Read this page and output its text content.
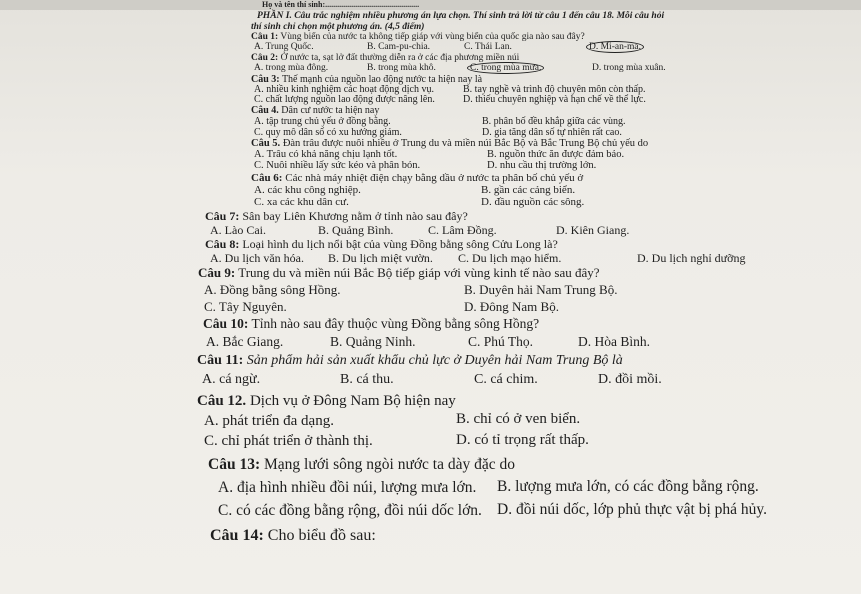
Họ và tên thí sinh:...............................................
PHẦN I. Câu trắc nghiệm nhiều phương án lựa chọn. Thí sinh trả lời từ câu 1 đến câu 18. Mỗi câu hỏi
thí sinh chỉ chọn một phương án. (4,5 điểm)
Câu 1: Vùng biển của nước ta không tiếp giáp với vùng biển của quốc gia nào sau đây?
A. Trung Quốc.	B. Cam-pu-chia.	C. Thái Lan.	D. Mi-an-ma.
Câu 2: Ở nước ta, sạt lở đất thường diễn ra ở các địa phương miền núi
A. trong mùa đông.	B. trong mùa khô.	C. trong mùa mưa.	D. trong mùa xuân.
Câu 3: Thế mạnh của nguồn lao động nước ta hiện nay là
A. nhiều kinh nghiệm các hoạt động dịch vụ.	B. tay nghề và trình độ chuyên môn còn thấp.
C. chất lượng nguồn lao động được nâng lên.	D. thiếu chuyên nghiệp và hạn chế về thể lực.
Câu 4. Dân cư nước ta hiện nay
A. tập trung chủ yếu ở đồng bằng.	B. phân bố đều khắp giữa các vùng.
C. quy mô dân số có xu hướng giảm.	D. gia tăng dân số tự nhiên rất cao.
Câu 5. Đàn trâu được nuôi nhiều ở Trung du và miền núi Bắc Bộ và Bắc Trung Bộ chủ yếu do
A. Trâu có khả năng chịu lạnh tốt.	B. nguồn thức ăn được đảm bảo.
C. Nuôi nhiều lấy sức kéo và phân bón.	D. nhu cầu thị trường lớn.
Câu 6: Các nhà máy nhiệt điện chạy bằng dầu ở nước ta phân bố chủ yếu ở
A. các khu công nghiệp.	B. gần các cảng biển.
C. xa các khu dân cư.	D. đầu nguồn các sông.
Câu 7: Sân bay Liên Khương nằm ở tỉnh nào sau đây?
A. Lào Cai.	B. Quảng Bình.	C. Lâm Đồng.	D. Kiên Giang.
Câu 8: Loại hình du lịch nổi bật của vùng Đồng bằng sông Cửu Long là?
A. Du lịch văn hóa. B. Du lịch miệt vườn. C. Du lịch mạo hiểm.	D. Du lịch nghỉ dưỡng
Câu 9: Trung du và miền núi Bắc Bộ tiếp giáp với vùng kinh tế nào sau đây?
A. Đồng bằng sông Hồng.	B. Duyên hải Nam Trung Bộ.
C. Tây Nguyên.	D. Đông Nam Bộ.
Câu 10: Tỉnh nào sau đây thuộc vùng Đồng bằng sông Hồng?
A. Bắc Giang.	B. Quảng Ninh.	C. Phú Thọ.	D. Hòa Bình.
Câu 11: Sản phẩm hải sản xuất khẩu chủ lực ở Duyên hải Nam Trung Bộ là
A. cá ngừ.	B. cá thu.	C. cá chim.	D. đồi mồi.
Câu 12. Dịch vụ ở Đông Nam Bộ hiện nay
A. phát triển đa dạng.	B. chỉ có ở ven biển.
C. chỉ phát triển ở thành thị.	D. có tỉ trọng rất thấp.
Câu 13: Mạng lưới sông ngòi nước ta dày đặc do
A. địa hình nhiều đồi núi, lượng mưa lớn. B. lượng mưa lớn, có các đồng bằng rộng.
C. có các đồng bằng rộng, đồi núi dốc lớn. D. đồi núi dốc, lớp phủ thực vật bị phá hủy.
Câu 14: Cho biểu đồ sau:
